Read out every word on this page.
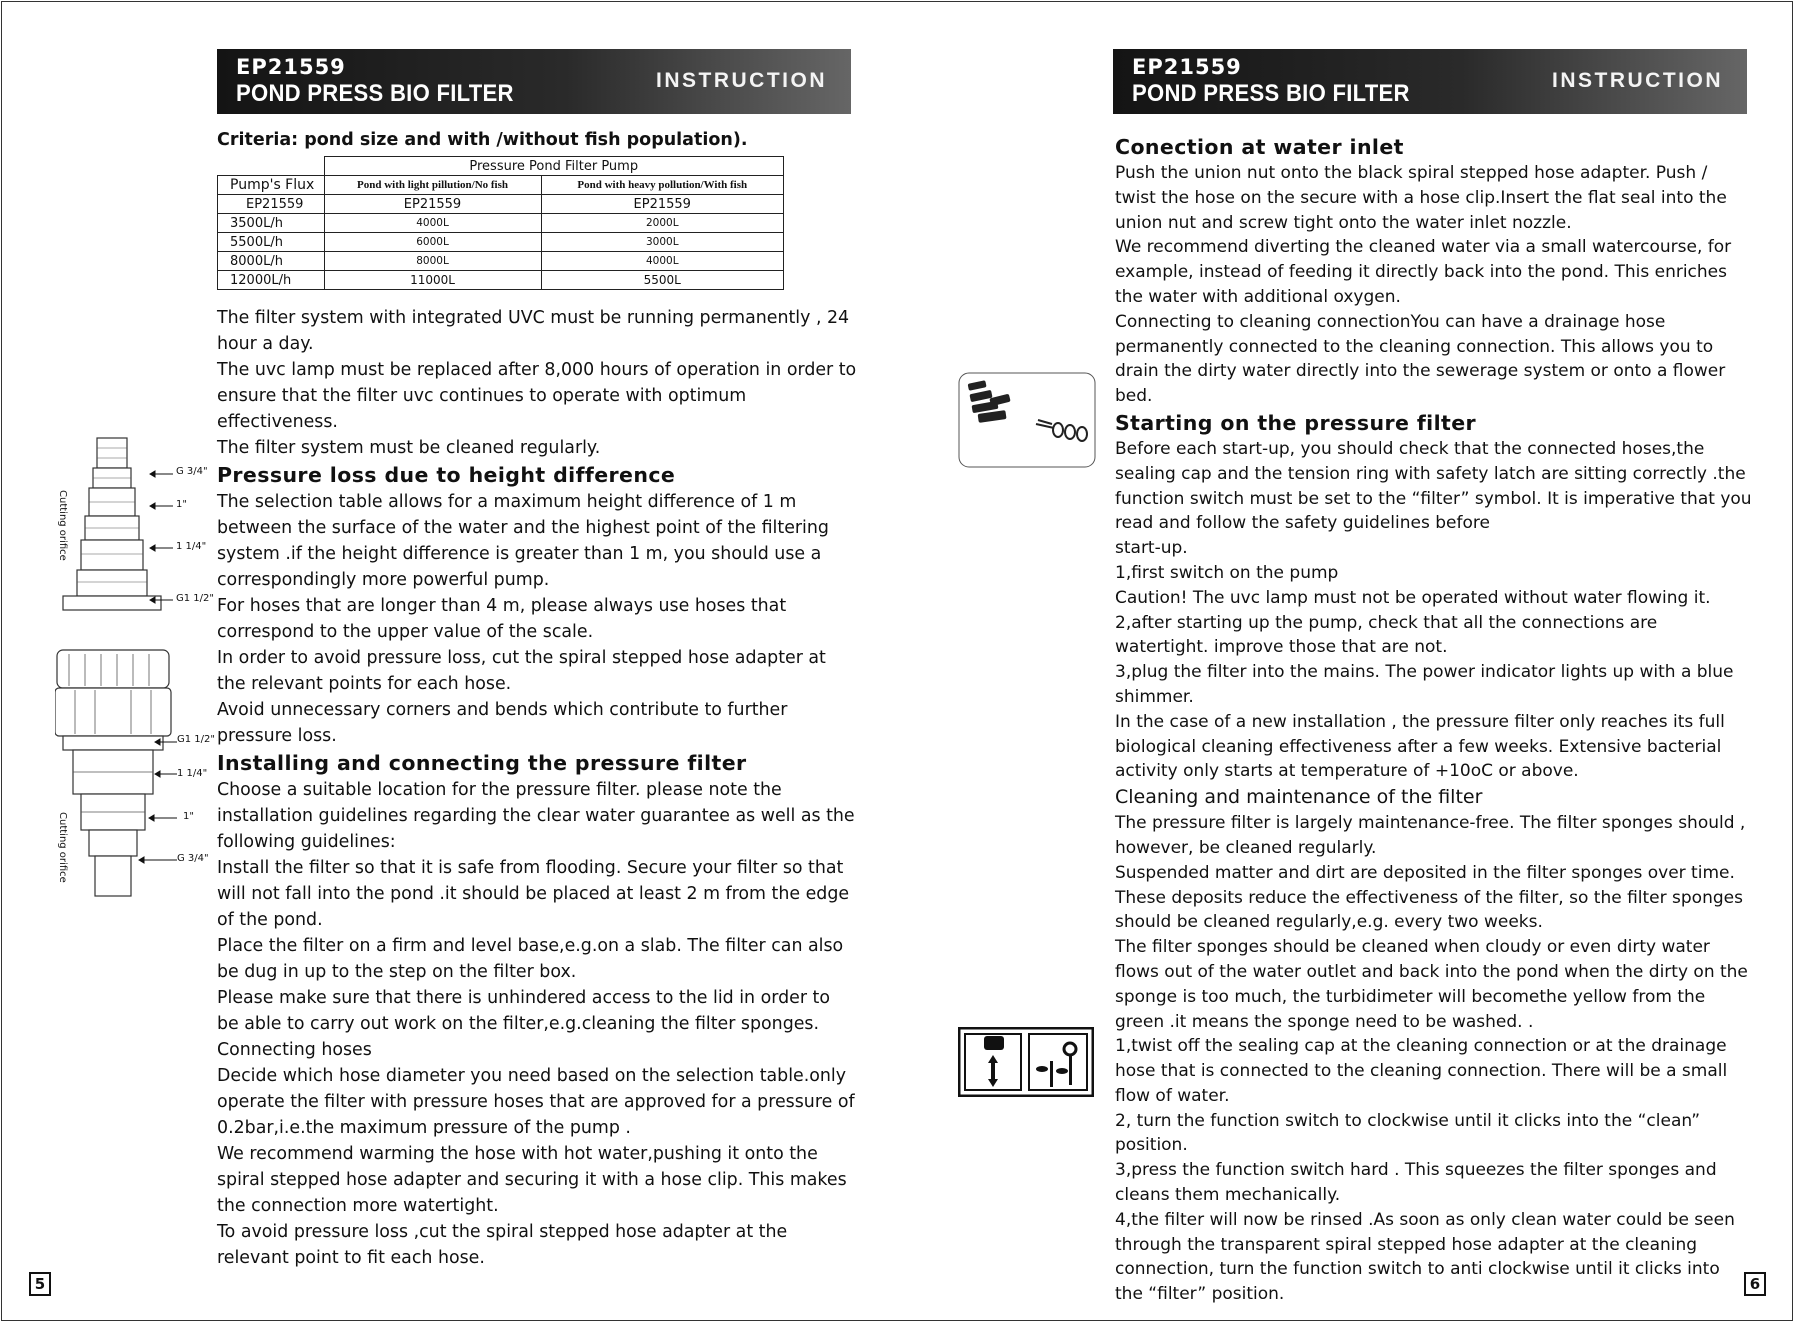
EP21559
POND PRESS BIO FILTER	INSTRUCTION
Criteria: pond size and with /without fish population).
	Pressure Pond Filter Pump	
Pump's Flux	Pond with light pillution/No fish	Pond with heavy pollution/With fish
EP21559	EP21559	EP21559
3500L/h	4000L	2000L
5500L/h	6000L	3000L
8000L/h	8000L	4000L
12000L/h	11000L	5500L
G 3/4"
1"
1 1/4"
G1 1/2"
Cutting orifice
G1 1/2"
1 1/4"
1"
G 3/4"
Cutting orifice

The filter system with integrated UVC must be running permanently , 24 hour a day.

The uvc lamp must be replaced after 8,000 hours of operation in order to ensure that the filter uvc continues to operate with optimum effectiveness.

The filter system must be cleaned regularly.

Pressure loss due to height difference

The selection table allows for a maximum height difference of 1 m between the surface of the water and the highest point of the filtering system .if the height difference is greater than 1 m, you should use a correspondingly more powerful pump.

For hoses that are longer than 4 m, please always use hoses that correspond to the upper value of the scale.

In order to avoid pressure loss, cut the spiral stepped hose adapter at the relevant points for each hose.

Avoid unnecessary corners and bends which contribute to further pressure loss.

Installing and connecting the pressure filter

Choose a suitable location for the pressure filter. please note the installation guidelines regarding the clear water guarantee as well as the following guidelines:

Install the filter so that it is safe from flooding. Secure your filter so that will not fall into the pond .it should be placed at least 2 m from the edge of the pond.

Place the filter on a firm and level base,e.g.on a slab. The filter can also be dug in up to the step on the filter box.

Please make sure that there is unhindered access to the lid in order to be able to carry out work on the filter,e.g.cleaning the filter sponges.

Connecting hoses

Decide which hose diameter you need based on the selection table.only operate the filter with pressure hoses that are approved for a pressure of 0.2bar,i.e.the maximum pressure of the pump .

We recommend warming the hose with hot water,pushing it onto the spiral stepped hose adapter and securing it with a hose clip. This makes the connection more watertight.

To avoid pressure loss ,cut the spiral stepped hose adapter at the relevant point to fit each hose.

5
EP21559
POND PRESS BIO FILTER	INSTRUCTION
Conection at water inlet

Push the union nut onto the black spiral stepped hose adapter. Push / twist the hose on the secure with a hose clip.Insert the flat seal into the union nut and screw tight onto the water inlet nozzle.

We recommend diverting the cleaned water via a small watercourse, for example, instead of feeding it directly back into the pond. This enriches the water with additional oxygen.

Connecting to cleaning connectionYou can have a drainage hose permanently connected to the cleaning connection. This allows you to drain the dirty water directly into the sewerage system or onto a flower bed.

Starting on the pressure filter

Before each start-up, you should check that the connected hoses,the sealing cap and the tension ring with safety latch are sitting correctly .the function switch must be set to the “filter” symbol. It is imperative that you read and follow the safety guidelines before

start-up.

1,first switch on the pump

Caution! The uvc lamp must not be operated without water flowing it.

2,after starting up the pump, check that all the connections are watertight. improve those that are not.

3,plug the filter into the mains. The power indicator lights up with a blue shimmer.

In the case of a new installation , the pressure filter only reaches its full biological cleaning effectiveness after a few weeks. Extensive bacterial activity only starts at temperature of +10oC or above.

Cleaning and maintenance of the filter

The pressure filter is largely maintenance-free. The filter sponges should , however, be cleaned regularly.

Suspended matter and dirt are deposited in the filter sponges over time. These deposits reduce the effectiveness of the filter, so the filter sponges should be cleaned regularly,e.g. every two weeks.

The filter sponges should be cleaned when cloudy or even dirty water flows out of the water outlet and back into the pond when the dirty on the sponge is too much, the turbidimeter will becomethe yellow from the green .it means the sponge need to be washed. .

1,twist off the sealing cap at the cleaning connection or at the drainage hose that is connected to the cleaning connection. There will be a small flow of water.

2, turn the function switch to clockwise until it clicks into the “clean” position.

3,press the function switch hard . This squeezes the filter sponges and cleans them mechanically.

4,the filter will now be rinsed .As soon as only clean water could be seen through the transparent spiral stepped hose adapter at the cleaning connection, turn the function switch to anti clockwise until it clicks into the “filter” position.

6
